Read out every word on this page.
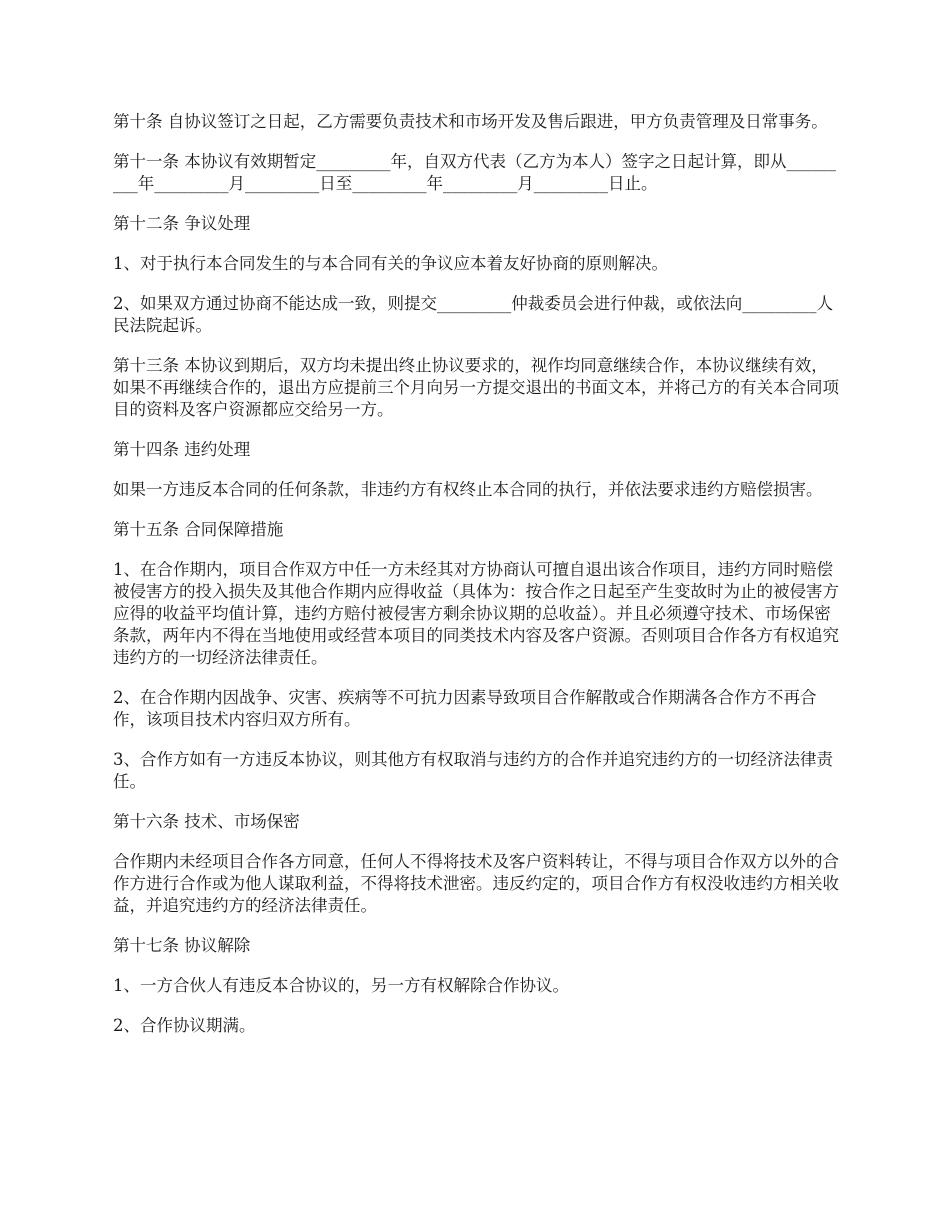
第十条 自协议签订之日起，乙方需要负责技术和市场开发及售后跟进，甲方负责管理及日常事务。

第十一条 本协议有效期暂定_________年，自双方代表（乙方为本人）签字之日起计算，即从_________年_________月_________日至_________年_________月_________日止。

第十二条 争议处理

1、对于执行本合同发生的与本合同有关的争议应本着友好协商的原则解决。

2、如果双方通过协商不能达成一致，则提交_________仲裁委员会进行仲裁，或依法向_________人民法院起诉。

第十三条 本协议到期后，双方均未提出终止协议要求的，视作均同意继续合作，本协议继续有效，如果不再继续合作的，退出方应提前三个月向另一方提交退出的书面文本，并将己方的有关本合同项目的资料及客户资源都应交给另一方。

第十四条 违约处理

如果一方违反本合同的任何条款，非违约方有权终止本合同的执行，并依法要求违约方赔偿损害。

第十五条 合同保障措施

1、在合作期内，项目合作双方中任一方未经其对方协商认可擅自退出该合作项目，违约方同时赔偿被侵害方的投入损失及其他合作期内应得收益（具体为：按合作之日起至产生变故时为止的被侵害方应得的收益平均值计算，违约方赔付被侵害方剩余协议期的总收益）。并且必须遵守技术、市场保密条款，两年内不得在当地使用或经营本项目的同类技术内容及客户资源。否则项目合作各方有权追究违约方的一切经济法律责任。

2、在合作期内因战争、灾害、疾病等不可抗力因素导致项目合作解散或合作期满各合作方不再合作，该项目技术内容归双方所有。

3、合作方如有一方违反本协议，则其他方有权取消与违约方的合作并追究违约方的一切经济法律责任。

第十六条 技术、市场保密

合作期内未经项目合作各方同意，任何人不得将技术及客户资料转让，不得与项目合作双方以外的合作方进行合作或为他人谋取利益，不得将技术泄密。违反约定的，项目合作方有权没收违约方相关收益，并追究违约方的经济法律责任。

第十七条 协议解除

1、一方合伙人有违反本合协议的，另一方有权解除合作协议。

2、合作协议期满。
